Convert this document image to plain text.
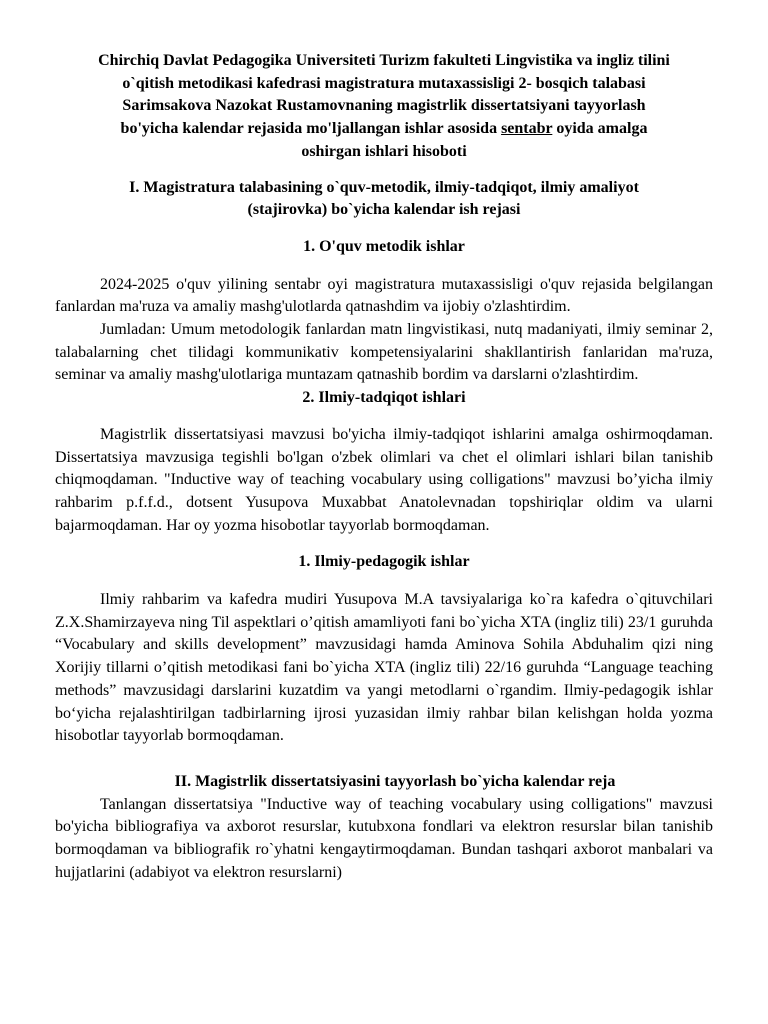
Chirchiq Davlat Pedagogika Universiteti Turizm fakulteti Lingvistika va ingliz tilini
o`qitish metodikasi kafedrasi magistratura mutaxassisligi 2- bosqich talabasi
Sarimsakova Nazokat Rustamovnaning magistrlik dissertatsiyani tayyorlash
bo'yicha kalendar rejasida mo'ljallangan ishlar asosida sentabr oyida amalga
oshirgan ishlari hisoboti

I. Magistratura talabasining o`quv-metodik, ilmiy-tadqiqot, ilmiy amaliyot
(stajirovka) bo`yicha kalendar ish rejasi

1. O'quv metodik ishlar

2024-2025 o'quv yilining sentabr oyi magistratura mutaxassisligi o'quv rejasida belgilangan fanlardan ma'ruza va amaliy mashg'ulotlarda qatnashdim va ijobiy o'zlashtirdim.

Jumladan: Umum metodologik fanlardan matn lingvistikasi, nutq madaniyati, ilmiy seminar 2, talabalarning chet tilidagi kommunikativ kompetensiyalarini shakllantirish fanlaridan ma'ruza, seminar va amaliy mashg'ulotlariga muntazam qatnashib bordim va darslarni o'zlashtirdim.

2. Ilmiy-tadqiqot ishlari

Magistrlik dissertatsiyasi mavzusi bo'yicha ilmiy-tadqiqot ishlarini amalga oshirmoqdaman. Dissertatsiya mavzusiga tegishli bo'lgan o'zbek olimlari va chet el olimlari ishlari bilan tanishib chiqmoqdaman. "Inductive way of teaching vocabulary using colligations" mavzusi bo’yicha ilmiy rahbarim p.f.f.d., dotsent Yusupova Muxabbat Anatolevnadan topshiriqlar oldim va ularni bajarmoqdaman. Har oy yozma hisobotlar tayyorlab bormoqdaman.

1. Ilmiy-pedagogik ishlar

Ilmiy rahbarim va kafedra mudiri Yusupova M.A tavsiyalariga ko`ra kafedra o`qituvchilari Z.X.Shamirzayeva ning Til aspektlari o’qitish amamliyoti fani bo`yicha XTA (ingliz tili) 23/1 guruhda “Vocabulary and skills development” mavzusidagi hamda Aminova Sohila Abduhalim qizi ning Xorijiy tillarni o’qitish metodikasi fani bo`yicha XTA (ingliz tili) 22/16 guruhda “Language teaching methods” mavzusidagi darslarini kuzatdim va yangi metodlarni o`rgandim. Ilmiy-pedagogik ishlar bo‘yicha rejalashtirilgan tadbirlarning ijrosi yuzasidan ilmiy rahbar bilan kelishgan holda yozma hisobotlar tayyorlab bormoqdaman.

II. Magistrlik dissertatsiyasini tayyorlash bo`yicha kalendar reja

Tanlangan dissertatsiya "Inductive way of teaching vocabulary using colligations" mavzusi bo'yicha bibliografiya va axborot resurslar, kutubxona fondlari va elektron resurslar bilan tanishib bormoqdaman va bibliografik ro`yhatni kengaytirmoqdaman. Bundan tashqari axborot manbalari va hujjatlarini (adabiyot va elektron resurslarni)
